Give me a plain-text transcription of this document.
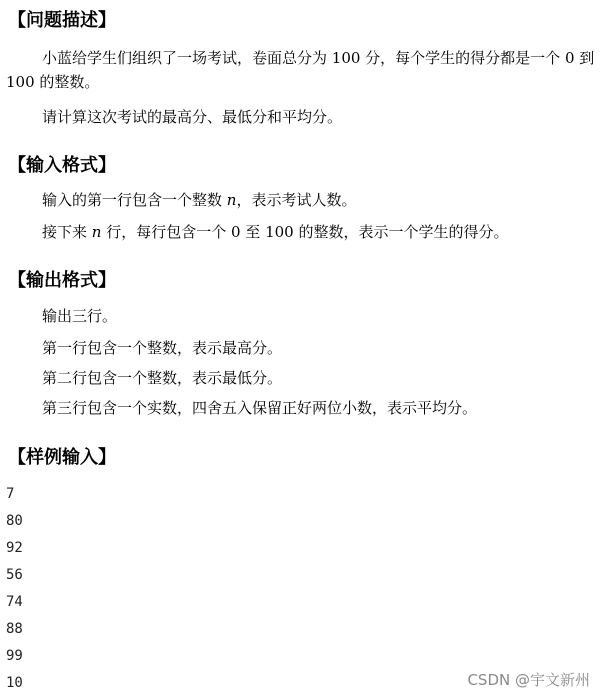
【问题描述】
小蓝给学生们组织了一场考试，卷面总分为 100 分，每个学生的得分都是一个 0 到 100 的整数。
请计算这次考试的最高分、最低分和平均分。
【输入格式】
输入的第一行包含一个整数 n，表示考试人数。
接下来 n 行，每行包含一个 0 至 100 的整数，表示一个学生的得分。
【输出格式】
输出三行。
第一行包含一个整数，表示最高分。
第二行包含一个整数，表示最低分。
第三行包含一个实数，四舍五入保留正好两位小数，表示平均分。
【样例输入】
7
80
92
56
74
88
99
10	CSDN @宇文新州
